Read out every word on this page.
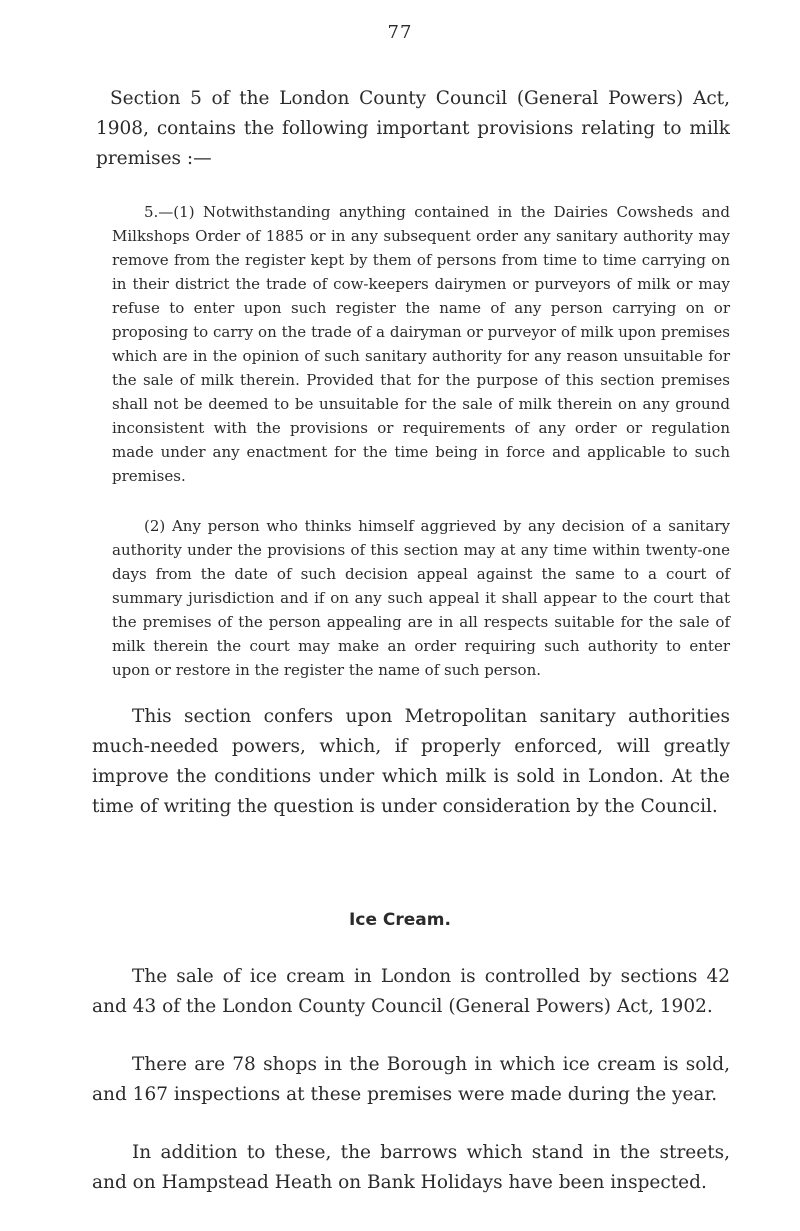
77

Section 5 of the London County Council (General Powers) Act, 1908, contains the following important provisions relating to milk premises :—

5.—(1) Notwithstanding anything contained in the Dairies Cowsheds and Milkshops Order of 1885 or in any subsequent order any sanitary authority may remove from the register kept by them of persons from time to time carrying on in their district the trade of cow-keepers dairymen or purveyors of milk or may refuse to enter upon such register the name of any person carrying on or proposing to carry on the trade of a dairyman or purveyor of milk upon premises which are in the opinion of such sanitary authority for any reason unsuitable for the sale of milk therein. Provided that for the purpose of this section premises shall not be deemed to be unsuitable for the sale of milk therein on any ground inconsistent with the provisions or requirements of any order or regulation made under any enactment for the time being in force and applicable to such premises.

(2) Any person who thinks himself aggrieved by any decision of a sanitary authority under the provisions of this section may at any time within twenty-one days from the date of such decision appeal against the same to a court of summary jurisdiction and if on any such appeal it shall appear to the court that the premises of the person appealing are in all respects suitable for the sale of milk therein the court may make an order requiring such authority to enter upon or restore in the register the name of such person.

This section confers upon Metropolitan sanitary authorities much-needed powers, which, if properly enforced, will greatly improve the conditions under which milk is sold in London. At the time of writing the question is under consideration by the Council.

Ice Cream.

The sale of ice cream in London is controlled by sections 42 and 43 of the London County Council (General Powers) Act, 1902.

There are 78 shops in the Borough in which ice cream is sold, and 167 inspections at these premises were made during the year.

In addition to these, the barrows which stand in the streets, and on Hampstead Heath on Bank Holidays have been inspected.
